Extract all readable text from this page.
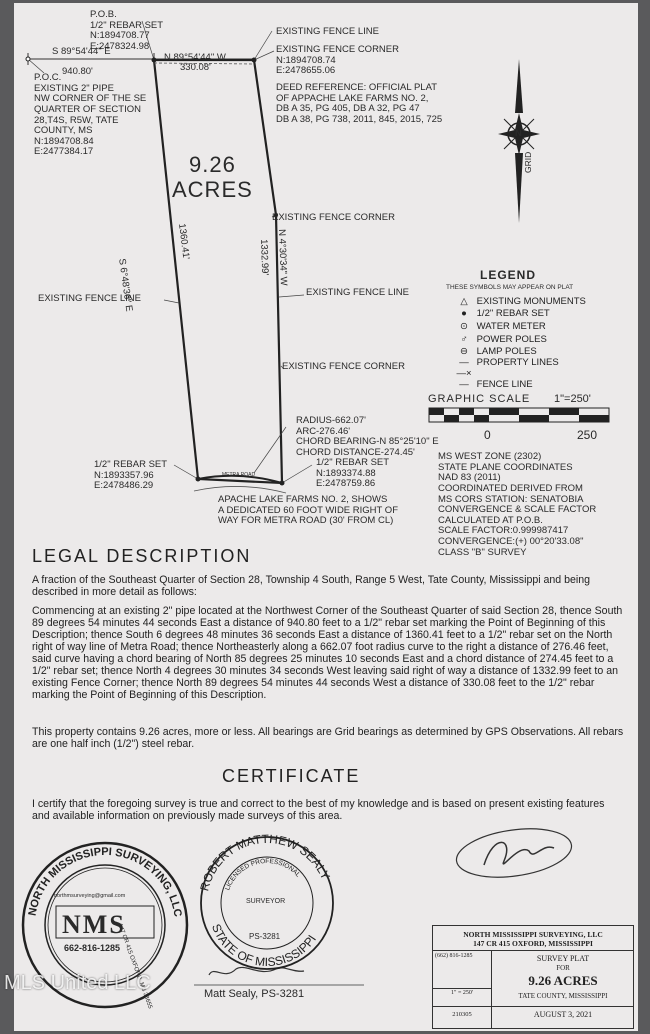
NORTH MISSISSIPPI SURVEYING, LLC
ROBERT MATTHEW SEALY
STATE OF MISSISSIPPI
LICENSED PROFESSIONAL
P.O.B.
1/2" REBAR SET
N:1894708.77
E:2478324.98
S 89°54'44" E
940.80'
N 89°54'44" W
330.08'
EXISTING FENCE LINE
EXISTING FENCE CORNER
N:1894708.74
E:2478655.06
P.O.C.
EXISTING 2" PIPE
NW CORNER OF THE SE
QUARTER OF SECTION
28,T4S, R5W, TATE
COUNTY, MS
N:1894708.84
E:2477384.17
DEED REFERENCE: OFFICIAL PLAT
OF APPACHE LAKE FARMS NO. 2,
DB A 35, PG 405, DB A 32, PG 47
DB A 38, PG 738, 2011, 845, 2015, 725
9.26
ACRES
S 6°48'36" E
1360.41'	1332.99' N 4°30'34" W
EXISTING FENCE CORNER
EXISTING FENCE LINE
EXISTING FENCE LINE
EXISTING FENCE CORNER
RADIUS-662.07'
ARC-276.46'
CHORD BEARING-N 85°25'10" E
CHORD DISTANCE-274.45'
1/2" REBAR SET
N:1893357.96
E:2478486.29
1/2" REBAR SET
N:1893374.88
E:2478759.86
METRA ROAD
APACHE LAKE FARMS NO. 2, SHOWS
A DEDICATED 60 FOOT WIDE RIGHT OF
WAY FOR METRA ROAD (30' FROM CL)
GRID
N
LEGEND
THESE SYMBOLS MAY APPEAR ON PLAT
△ EXISTING MONUMENTS
● 1/2" REBAR SET
⊙ WATER METER
♂ POWER POLES
⊖ LAMP POLES
— PROPERTY LINES
—×— FENCE LINE
GRAPHIC SCALE 1"=250'
0	250
MS WEST ZONE (2302)
STATE PLANE COORDINATES
NAD 83 (2011)
COORDINATED DERIVED FROM
MS CORS STATION: SENATOBIA
CONVERGENCE & SCALE FACTOR
CALCULATED AT P.O.B.
SCALE FACTOR:0.999987417
CONVERGENCE:(+) 00°20'33.08"
CLASS "B" SURVEY
LEGAL DESCRIPTION
A fraction of the Southeast Quarter of Section 28, Township 4 South, Range 5 West, Tate County, Mississippi and being described in more detail as follows:
Commencing at an existing 2" pipe located at the Northwest Corner of the Southeast Quarter of said Section 28, thence South 89 degrees 54 minutes 44 seconds East a distance of 940.80 feet to a 1/2" rebar set marking the Point of Beginning of this Description; thence South 6 degrees 48 minutes 36 seconds East a distance of 1360.41 feet to a 1/2" rebar set on the North right of way line of Metra Road; thence Northeasterly along a 662.07 foot radius curve to the right a distance of 276.46 feet, said curve having a chord bearing of North 85 degrees 25 minutes 10 seconds East and a chord distance of 274.45 feet to a 1/2" rebar set; thence North 4 degrees 30 minutes 34 seconds West leaving said right of way a distance of 1332.99 feet to an existing Fence Corner; thence North 89 degrees 54 minutes 44 seconds West a distance of 330.08 feet to the 1/2" rebar marking the Point of Beginning of this Description.
This property contains 9.26 acres, more or less. All bearings are Grid bearings as determined by GPS Observations. All rebars are one half inch (1/2") steel rebar.
CERTIFICATE
I certify that the foregoing survey is true and correct to the best of my knowledge and is based on present existing features and available information on previously made surveys of this area.
NMS
662-816-1285
northmsurveying@gmail.com
147 CR 415 OXFORD, MS 38655
SURVEYOR
PS-3281
Matt Sealy, PS-3281
NORTH MISSISSIPPI SURVEYING, LLC
147 CR 415 OXFORD, MISSISSIPPI
(662) 816-1285	SURVEY PLAT
FOR
9.26 ACRES
TATE COUNTY, MISSISSIPPI
1" = 250'
210305	AUGUST 3, 2021
MLS United LLC
